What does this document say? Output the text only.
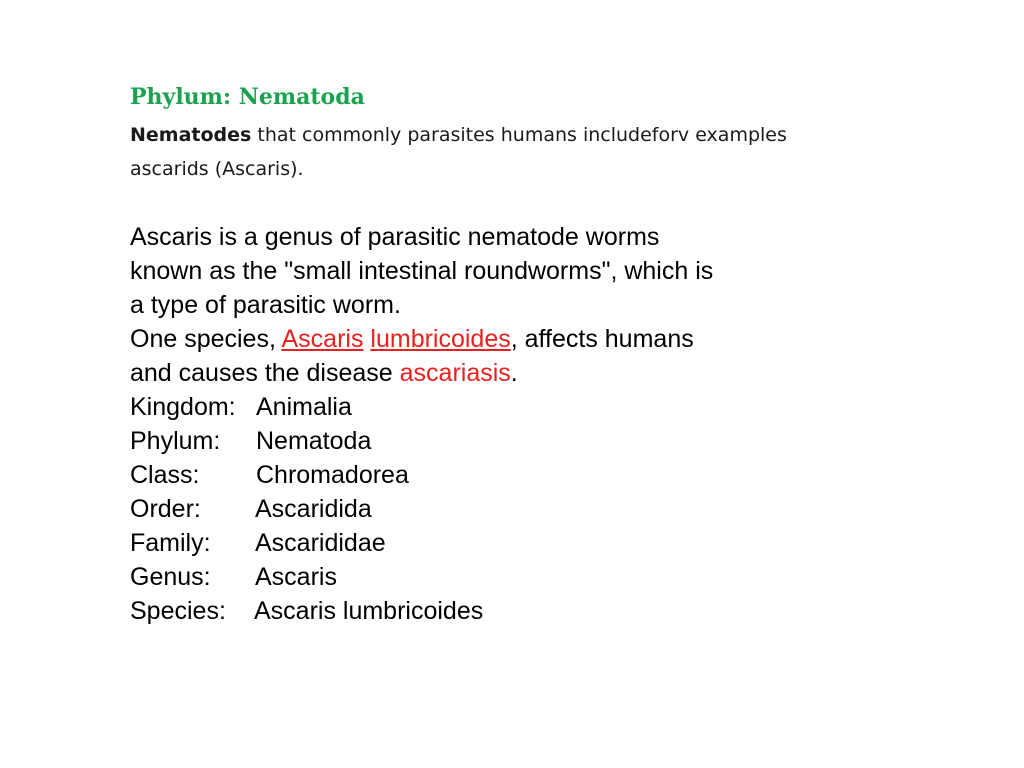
Phylum: Nematoda
Nematodes that commonly parasites humans includeforv examples ascarids (Ascaris).
Ascaris is a genus of parasitic nematode worms
known as the "small intestinal roundworms", which is
a type of parasitic worm.
One species, Ascaris lumbricoides, affects humans
and causes the disease ascariasis.
Kingdom: Animalia
Phylum: Nematoda
Class: Chromadorea
Order: Ascaridida
Family: Ascarididae
Genus: Ascaris
Species: Ascaris lumbricoides
